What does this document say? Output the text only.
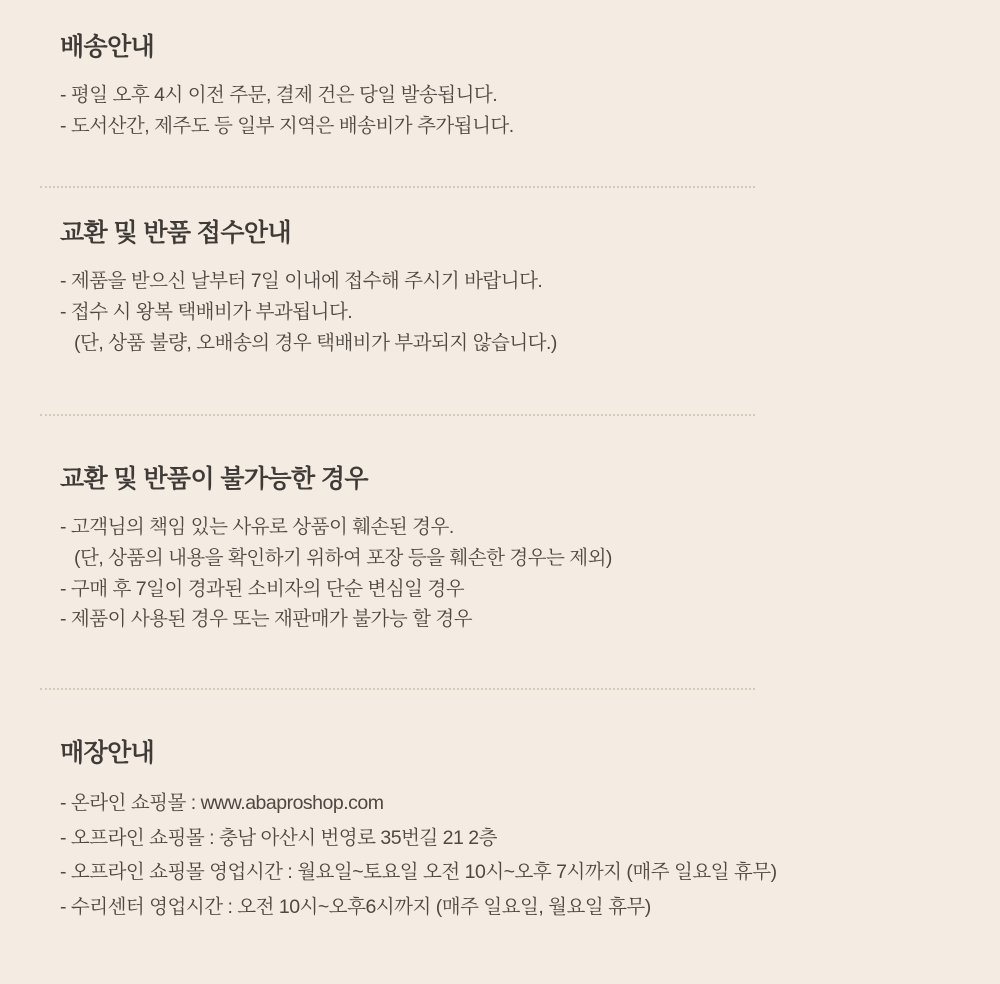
배송안내
- 평일 오후 4시 이전 주문, 결제 건은 당일 발송됩니다.
- 도서산간, 제주도 등 일부 지역은 배송비가 추가됩니다.
교환 및 반품 접수안내
- 제품을 받으신 날부터 7일 이내에 접수해 주시기 바랍니다.
- 접수 시 왕복 택배비가 부과됩니다.
(단, 상품 불량, 오배송의 경우 택배비가 부과되지 않습니다.)
교환 및 반품이 불가능한 경우
- 고객님의 책임 있는 사유로 상품이 훼손된 경우.
(단, 상품의 내용을 확인하기 위하여 포장 등을 훼손한 경우는 제외)
- 구매 후 7일이 경과된 소비자의 단순 변심일 경우
- 제품이 사용된 경우 또는 재판매가 불가능 할 경우
매장안내
- 온라인 쇼핑몰 : www.abaproshop.com
- 오프라인 쇼핑몰 : 충남 아산시 번영로 35번길 21 2층
- 오프라인 쇼핑몰 영업시간 : 월요일~토요일 오전 10시~오후 7시까지 (매주 일요일 휴무)
- 수리센터 영업시간 : 오전 10시~오후6시까지 (매주 일요일, 월요일 휴무)
